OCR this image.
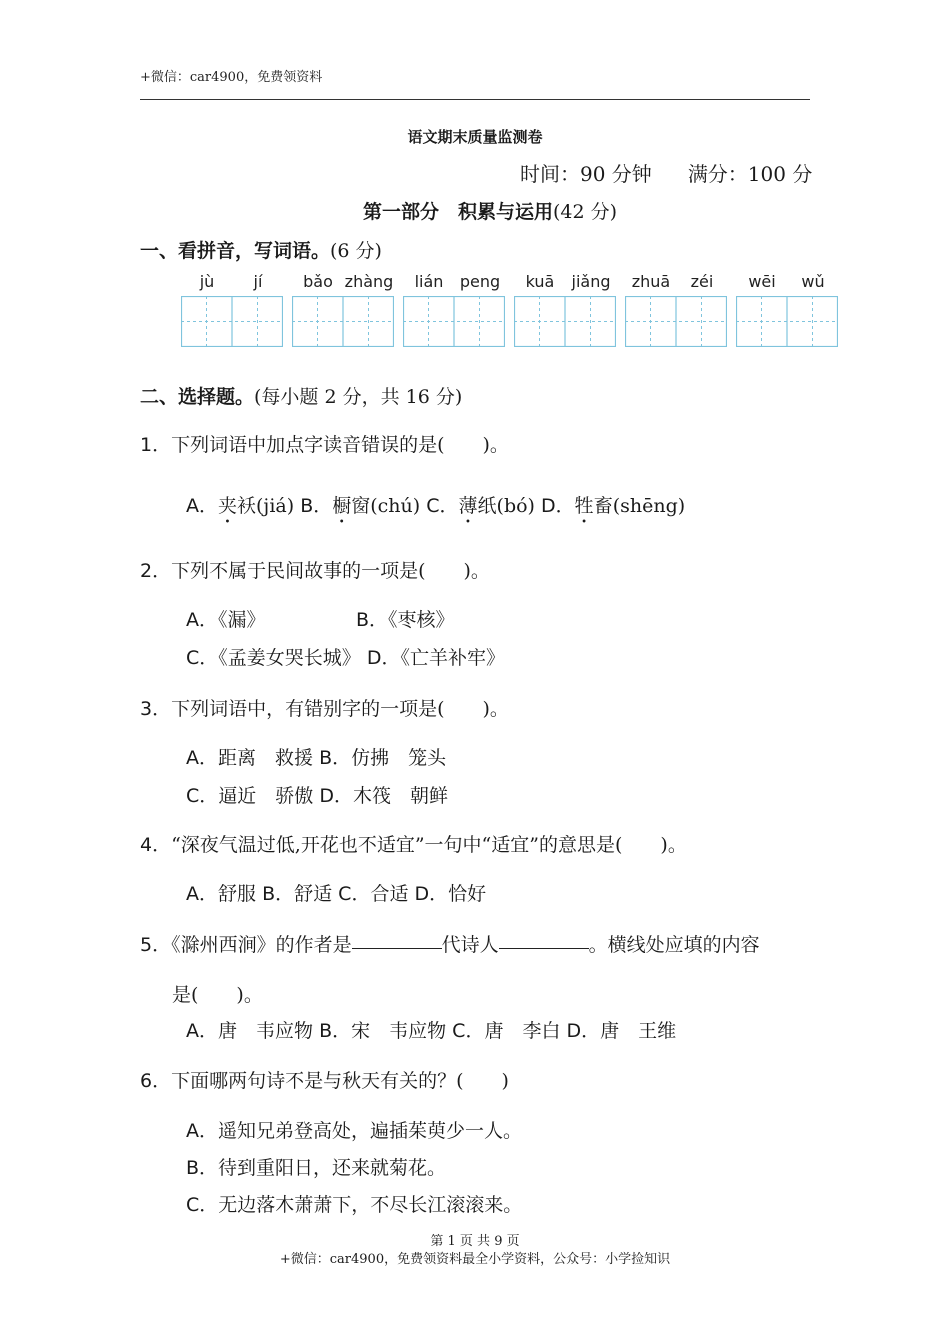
+微信：car4900，免费领资料
语文期末质量监测卷
时间：90 分钟 满分：100 分
第一部分　积累与运用(42 分)
一、看拼音，写词语。(6 分)
jù	jí	bǎo zhàng	lián	peng	kuā	jiǎng	zhuā	zéi	wēi	wǔ
二、选择题。(每小题 2 分，共 16 分)
1．下列词语中加点字读音错误的是(　　)。
A．夹袄(jiá) B．橱窗(chú) C．薄纸(bó) D．牲畜(shēng)
2．下列不属于民间故事的一项是(　　)。
A．《漏》	B．《枣核》
C．《孟姜女哭长城》 D．《亡羊补牢》
3．下列词语中，有错别字的一项是(　　)。
A．距离　救援 B．仿拂　笼头
C．逼近　骄傲 D．木筏　朝鲜
4．“深夜气温过低,开花也不适宜”一句中“适宜”的意思是(　　)。
A．舒服 B．舒适 C．合适 D．恰好
5．《滁州西涧》的作者是	代诗人	。横线处应填的内容
是(　　)。
A．唐　韦应物 B．宋　韦应物 C．唐　李白 D．唐　王维
6．下面哪两句诗不是与秋天有关的？(　　)
A．遥知兄弟登高处，遍插茱萸少一人。
B．待到重阳日，还来就菊花。
C．无边落木萧萧下，不尽长江滚滚来。
第 1 页 共 9 页
+微信：car4900，免费领资料最全小学资料，公众号：小学捡知识
